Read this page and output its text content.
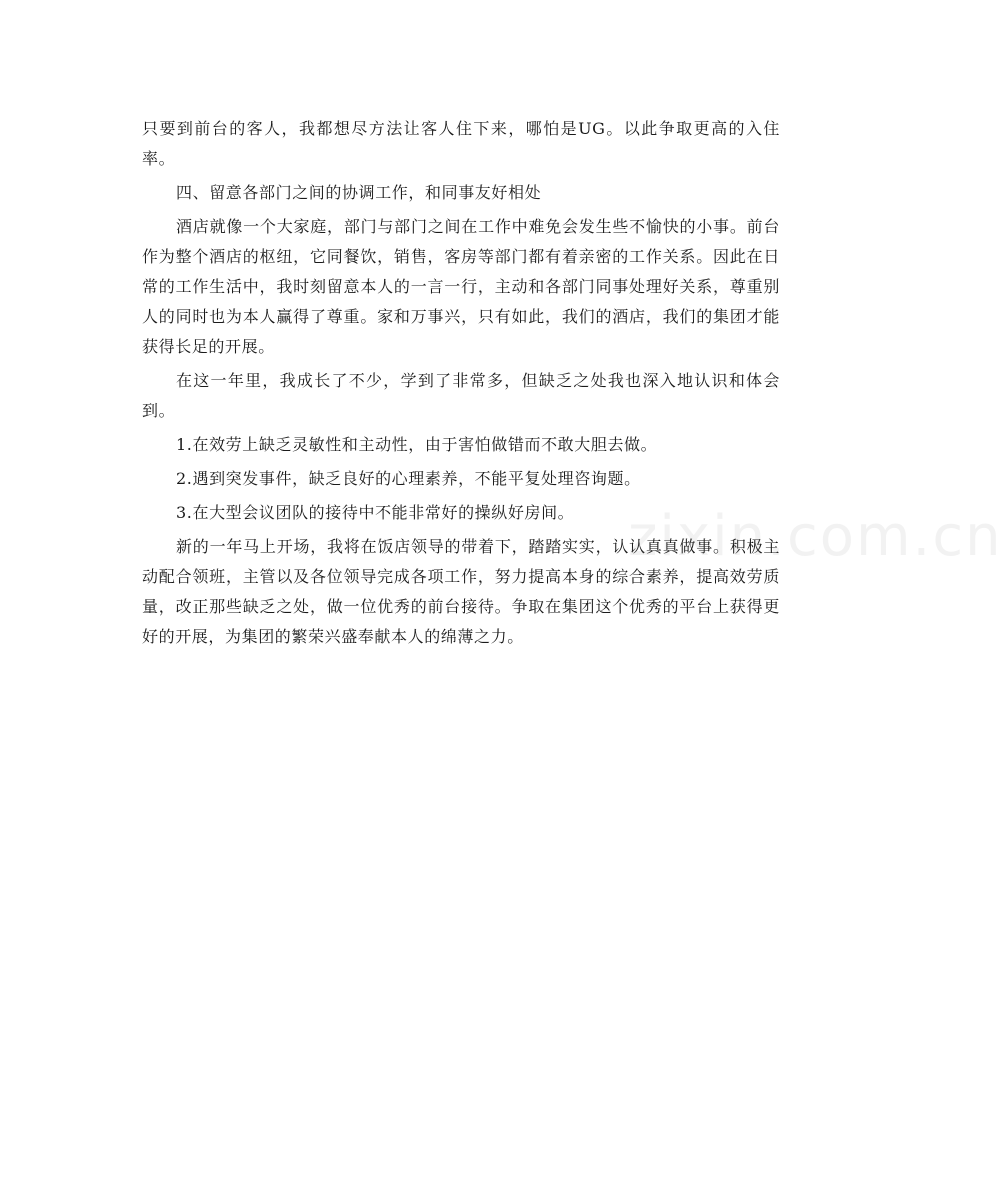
只要到前台的客人，我都想尽方法让客人住下来，哪怕是UG。以此争取更高的入住率。

四、留意各部门之间的协调工作，和同事友好相处

酒店就像一个大家庭，部门与部门之间在工作中难免会发生些不愉快的小事。前台作为整个酒店的枢纽，它同餐饮，销售，客房等部门都有着亲密的工作关系。因此在日常的工作生活中，我时刻留意本人的一言一行，主动和各部门同事处理好关系，尊重别人的同时也为本人赢得了尊重。家和万事兴，只有如此，我们的酒店，我们的集团才能获得长足的开展。

在这一年里，我成长了不少，学到了非常多，但缺乏之处我也深入地认识和体会到。

1.在效劳上缺乏灵敏性和主动性，由于害怕做错而不敢大胆去做。

2.遇到突发事件，缺乏良好的心理素养，不能平复处理咨询题。

3.在大型会议团队的接待中不能非常好的操纵好房间。

新的一年马上开场，我将在饭店领导的带着下，踏踏实实，认认真真做事。积极主动配合领班，主管以及各位领导完成各项工作，努力提高本身的综合素养，提高效劳质量，改正那些缺乏之处，做一位优秀的前台接待。争取在集团这个优秀的平台上获得更好的开展，为集团的繁荣兴盛奉献本人的绵薄之力。

zixin.com.cn
